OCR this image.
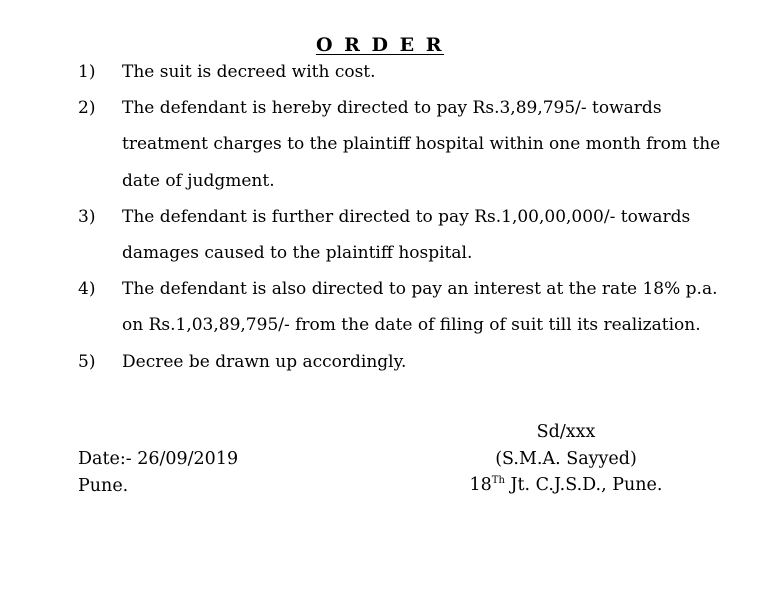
O R D E R
1)	The suit is decreed with cost.
2)	The defendant is hereby directed to pay Rs.3,89,795/- towards
treatment charges to the plaintiff hospital within one month from the
date of judgment.
3)	The defendant is further directed to pay Rs.1,00,00,000/- towards
damages caused to the plaintiff hospital.
4)	The defendant is also directed to pay an interest at the rate 18% p.a.
on Rs.1,03,89,795/- from the date of filing of suit till its realization.
5)	Decree be drawn up accordingly.
Date:- 26/09/2019
Pune.
Sd/xxx
(S.M.A. Sayyed)
18Th Jt. C.J.S.D., Pune.
